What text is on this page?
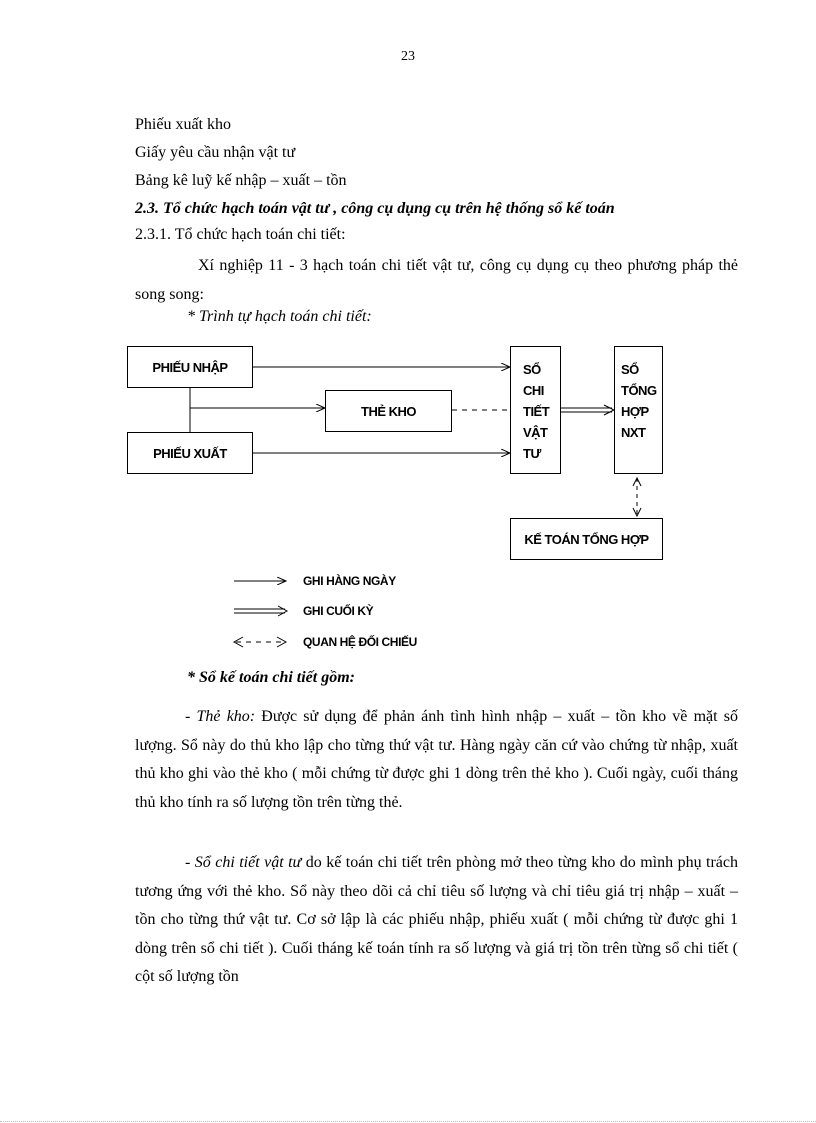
23
Phiếu xuất kho
Giấy yêu cầu nhận vật tư
Bảng kê luỹ kế nhập – xuất – tồn
2.3. Tổ chức hạch toán vật tư , công cụ dụng cụ trên hệ thống sổ kế toán
2.3.1. Tổ chức hạch toán chi tiết:
Xí nghiệp 11 - 3 hạch toán chi tiết vật tư, công cụ dụng cụ theo phương pháp thẻ song song:
* Trình tự hạch toán chi tiết:
PHIẾU NHẬP
PHIẾU XUẤT
THẺ KHO
SỔ
CHI
TIẾT
VẬT
TƯ
SỔ
TỔNG
HỢP
NXT
KẾ TOÁN TỔNG HỢP
GHI HÀNG NGÀY
GHI CUỐI KỲ
QUAN HỆ ĐỐI CHIẾU
* Sổ kế toán chi tiết gồm:
- Thẻ kho: Được sử dụng để phản ánh tình hình nhập – xuất – tồn kho về mặt số lượng. Sổ này do thủ kho lập cho từng thứ vật tư. Hàng ngày căn cứ vào chứng từ nhập, xuất thủ kho ghi vào thẻ kho ( mỗi chứng từ được ghi 1 dòng trên thẻ kho ). Cuối ngày, cuối tháng thủ kho tính ra số lượng tồn trên từng thẻ.
- Sổ chi tiết vật tư do kế toán chi tiết trên phòng mở theo từng kho do mình phụ trách tương ứng với thẻ kho. Sổ này theo dõi cả chỉ tiêu số lượng và chỉ tiêu giá trị nhập – xuất – tồn cho từng thứ vật tư. Cơ sở lập là các phiếu nhập, phiếu xuất ( mỗi chứng từ được ghi 1 dòng trên sổ chi tiết ). Cuối tháng kế toán tính ra số lượng và giá trị tồn trên từng sổ chi tiết ( cột số lượng tồn
